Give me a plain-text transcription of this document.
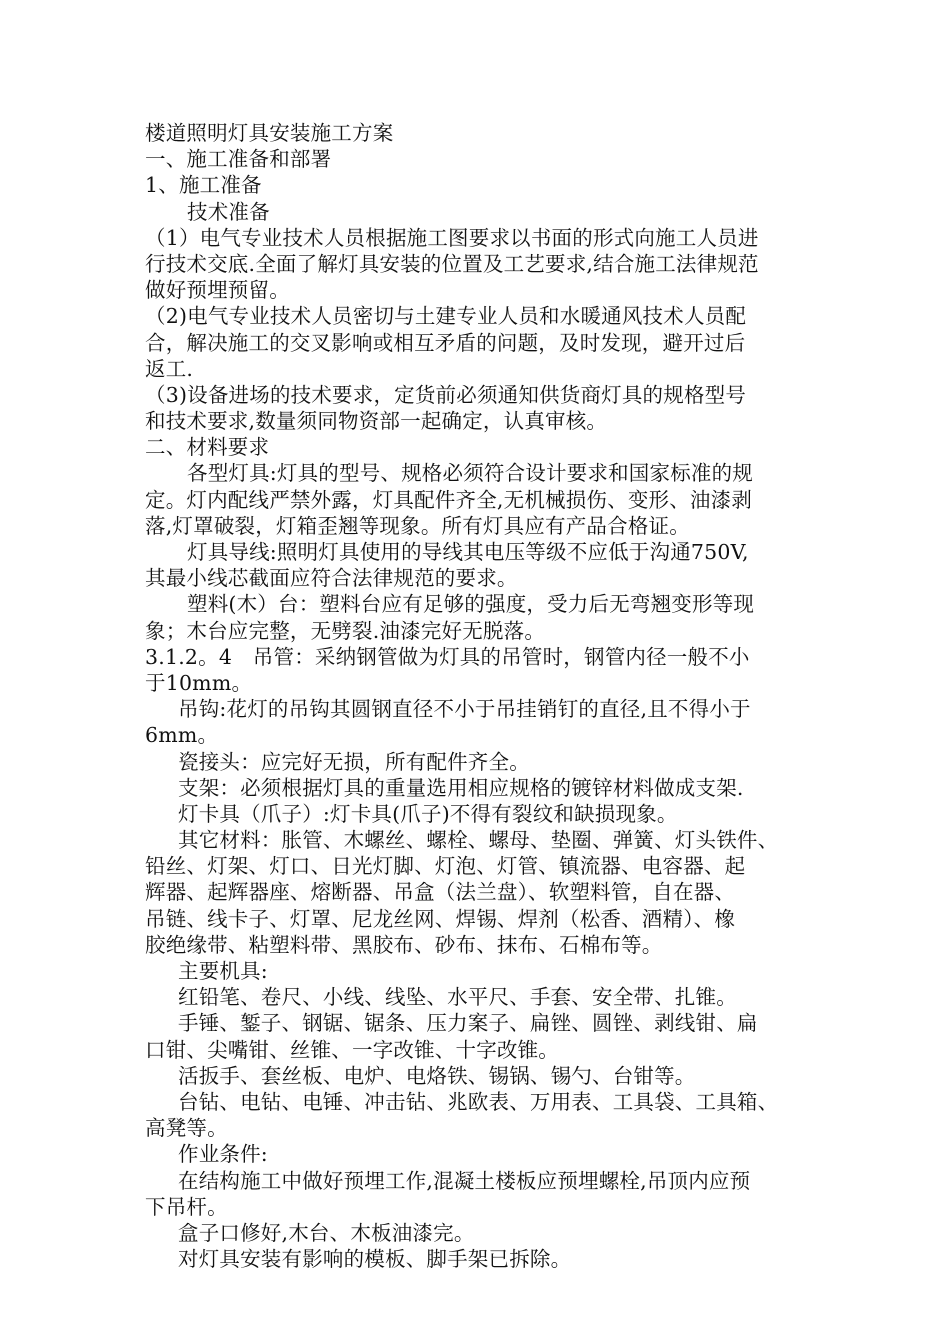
楼道照明灯具安装施工方案
一、施工准备和部署
1、施工准备
技术准备
（1）电气专业技术人员根据施工图要求以书面的形式向施工人员进
行技术交底.全面了解灯具安装的位置及工艺要求,结合施工法律规范
做好预埋预留。
（2)电气专业技术人员密切与土建专业人员和水暖通风技术人员配
合，解决施工的交叉影响或相互矛盾的问题，及时发现，避开过后
返工.
（3)设备进场的技术要求，定货前必须通知供货商灯具的规格型号
和技术要求,数量须同物资部一起确定，认真审核。
二、材料要求
各型灯具:灯具的型号、规格必须符合设计要求和国家标准的规
定。灯内配线严禁外露，灯具配件齐全,无机械损伤、变形、油漆剥
落,灯罩破裂，灯箱歪翘等现象。所有灯具应有产品合格证。
灯具导线:照明灯具使用的导线其电压等级不应低于沟通750V,
其最小线芯截面应符合法律规范的要求。
塑料(木）台：塑料台应有足够的强度，受力后无弯翘变形等现
象；木台应完整，无劈裂.油漆完好无脱落。
3.1.2。4　吊管：采纳钢管做为灯具的吊管时，钢管内径一般不小
于10mm。
吊钩:花灯的吊钩其圆钢直径不小于吊挂销钉的直径,且不得小于
6mm。
瓷接头：应完好无损，所有配件齐全。
支架：必须根据灯具的重量选用相应规格的镀锌材料做成支架.
灯卡具（爪子）:灯卡具(爪子)不得有裂纹和缺损现象。
其它材料：胀管、木螺丝、螺栓、螺母、垫圈、弹簧、灯头铁件、
铅丝、灯架、灯口、日光灯脚、灯泡、灯管、镇流器、电容器、起
辉器、起辉器座、熔断器、吊盒（法兰盘）、软塑料管，自在器、
吊链、线卡子、灯罩、尼龙丝网、焊锡、焊剂（松香、酒精）、橡
胶绝缘带、粘塑料带、黑胶布、砂布、抹布、石棉布等。
主要机具:
红铅笔、卷尺、小线、线坠、水平尺、手套、安全带、扎锥。
手锤、錾子、钢锯、锯条、压力案子、扁锉、圆锉、剥线钳、扁
口钳、尖嘴钳、丝锥、一字改锥、十字改锥。
活扳手、套丝板、电炉、电烙铁、锡锅、锡勺、台钳等。
台钻、电钻、电锤、冲击钻、兆欧表、万用表、工具袋、工具箱、
高凳等。
作业条件:
在结构施工中做好预埋工作,混凝土楼板应预埋螺栓,吊顶内应预
下吊杆。
盒子口修好,木台、木板油漆完。
对灯具安装有影响的模板、脚手架已拆除。
